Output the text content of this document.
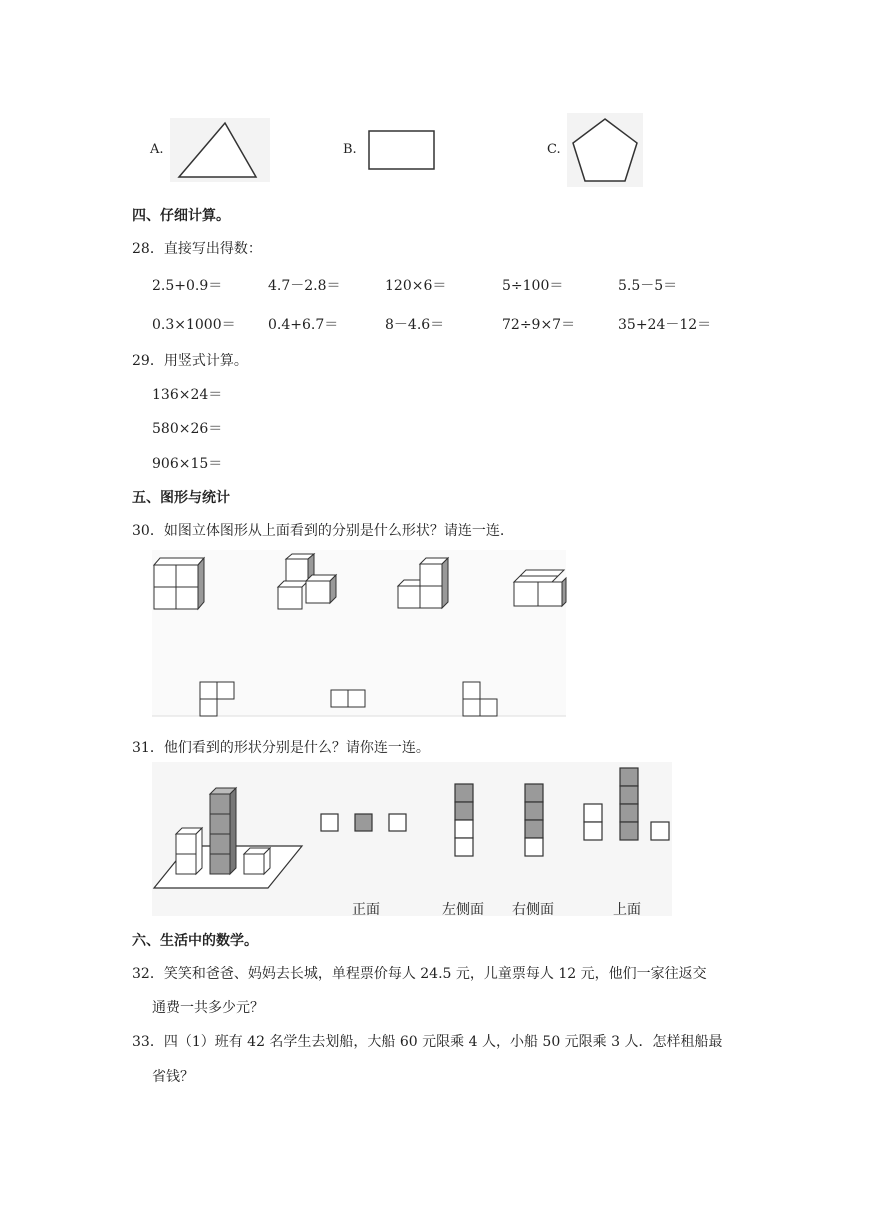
A.	B.	C.
四、仔细计算。
28．直接写出得数：
2.5+0.9＝	4.7－2.8＝	120×6＝	5÷100＝	5.5－5＝
0.3×1000＝ 0.4+6.7＝	8－4.6＝	72÷9×7＝	35+24－12＝
29．用竖式计算。
136×24＝
580×26＝
906×15＝
五、图形与统计
30．如图立体图形从上面看到的分别是什么形状？请连一连.
31．他们看到的形状分别是什么？请你连一连。
正面	左侧面 右侧面	上面
六、生活中的数学。
32．笑笑和爸爸、妈妈去长城，单程票价每人 24.5 元，儿童票每人 12 元，他们一家往返交
通费一共多少元？
33．四（1）班有 42 名学生去划船，大船 60 元限乘 4 人，小船 50 元限乘 3 人．怎样租船最
省钱？
